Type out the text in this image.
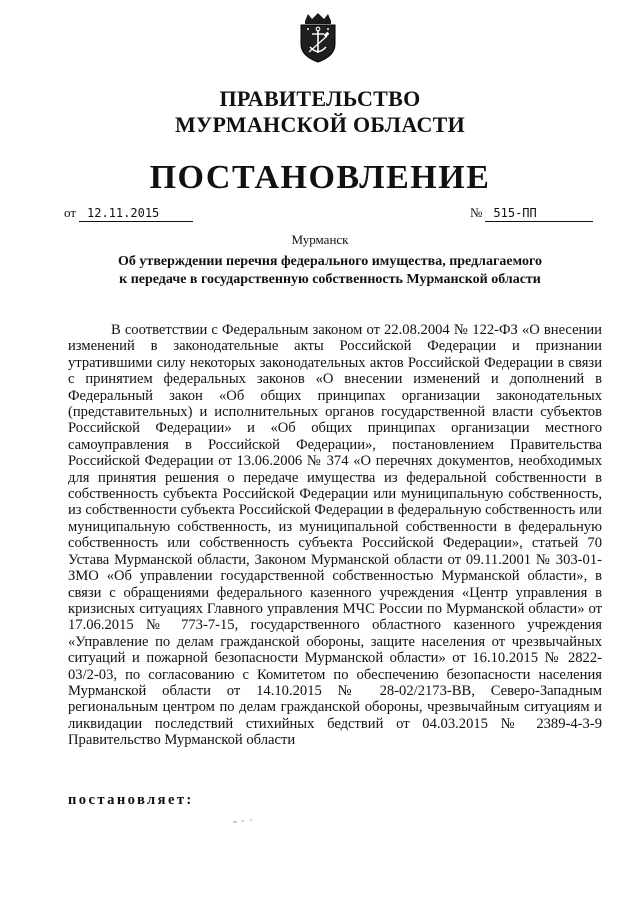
ПРАВИТЕЛЬСТВО
МУРМАНСКОЙ ОБЛАСТИ
ПОСТАНОВЛЕНИЕ
от 12.11.2015	№ 515-ПП
Мурманск
Об утверждении перечня федерального имущества, предлагаемого
к передаче в государственную собственность Мурманской области

В соответствии с Федеральным законом от 22.08.2004 № 122-ФЗ «О внесении изменений в законодательные акты Российской Федерации и признании утратившими силу некоторых законодательных актов Российской Федерации в связи с принятием федеральных законов «О внесении изменений и дополнений в Федеральный закон «Об общих принципах организации законодательных (представительных) и исполнительных органов государственной власти субъектов Российской Федерации» и «Об общих принципах организации местного самоуправления в Российской Федерации», постановлением Правительства Российской Федерации от 13.06.2006 № 374 «О перечнях документов, необходимых для принятия решения о передаче имущества из федеральной собственности в собственность субъекта Российской Федерации или муниципальную собственность, из собственности субъекта Российской Федерации в федеральную собственность или муниципальную собственность, из муниципальной собственности в федеральную собственность или собственность субъекта Российской Федерации», статьей 70 Устава Мурманской области, Законом Мурманской области от 09.11.2001 № 303-01-ЗМО «Об управлении государственной собственностью Мурманской области», в связи с обращениями федерального казенного учреждения «Центр управления в кризисных ситуациях Главного управления МЧС России по Мурманской области» от 17.06.2015 № 773-7-15, государственного областного казенного учреждения «Управление по делам гражданской обороны, защите населения от чрезвычайных ситуаций и пожарной безопасности Мурманской области» от 16.10.2015 № 2822-03/2-03, по согласованию с Комитетом по обеспечению безопасности населения Мурманской области от 14.10.2015 № 28-02/2173-ВВ, Северо-Западным региональным центром по делам гражданской обороны, чрезвычайным ситуациям и ликвидации последствий стихийных бедствий от 04.03.2015 № 2389-4-3-9 Правительство Мурманской области

постановляет:
